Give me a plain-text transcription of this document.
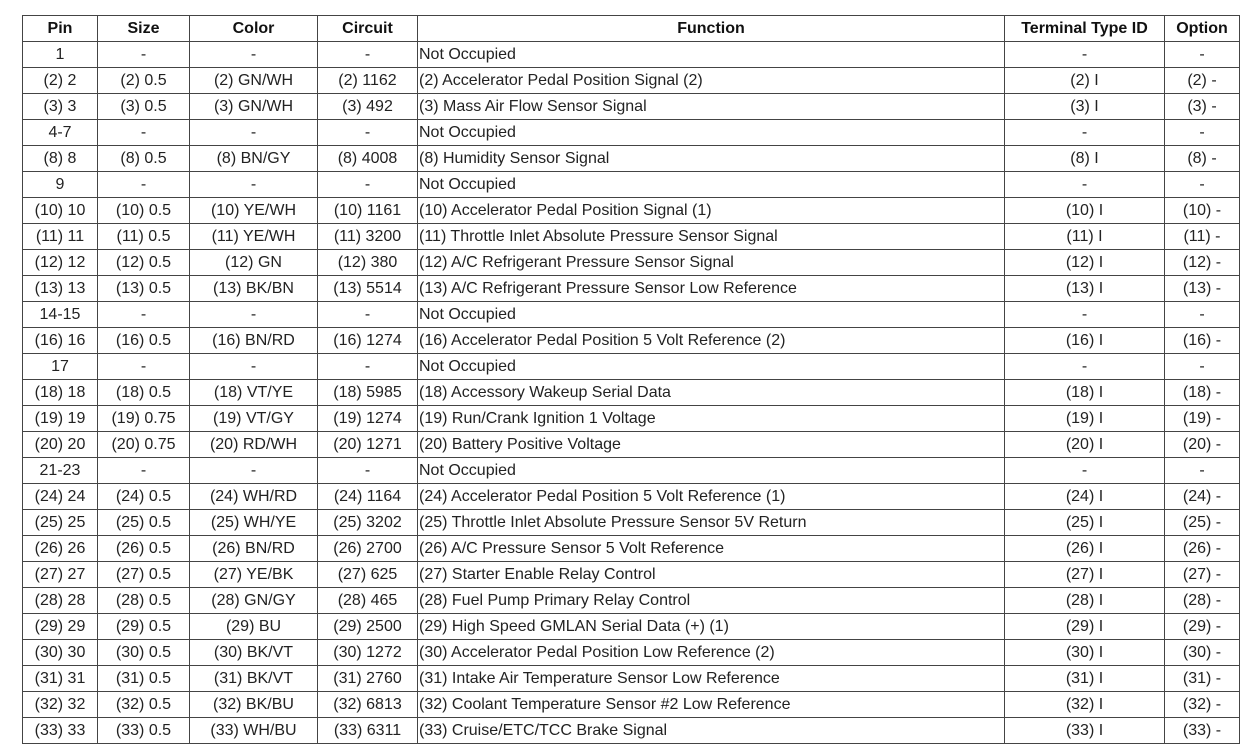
Pin	Size	Color	Circuit	Function	Terminal Type ID	Option
1	-	-	-	Not Occupied	-	-
(2) 2	(2) 0.5	(2) GN/WH	(2) 1162	(2) Accelerator Pedal Position Signal (2)	(2) I	(2) -
(3) 3	(3) 0.5	(3) GN/WH	(3) 492	(3) Mass Air Flow Sensor Signal	(3) I	(3) -
4-7	-	-	-	Not Occupied	-	-
(8) 8	(8) 0.5	(8) BN/GY	(8) 4008	(8) Humidity Sensor Signal	(8) I	(8) -
9	-	-	-	Not Occupied	-	-
(10) 10	(10) 0.5	(10) YE/WH	(10) 1161	(10) Accelerator Pedal Position Signal (1)	(10) I	(10) -
(11) 11	(11) 0.5	(11) YE/WH	(11) 3200	(11) Throttle Inlet Absolute Pressure Sensor Signal	(11) I	(11) -
(12) 12	(12) 0.5	(12) GN	(12) 380	(12) A/C Refrigerant Pressure Sensor Signal	(12) I	(12) -
(13) 13	(13) 0.5	(13) BK/BN	(13) 5514	(13) A/C Refrigerant Pressure Sensor Low Reference	(13) I	(13) -
14-15	-	-	-	Not Occupied	-	-
(16) 16	(16) 0.5	(16) BN/RD	(16) 1274	(16) Accelerator Pedal Position 5 Volt Reference (2)	(16) I	(16) -
17	-	-	-	Not Occupied	-	-
(18) 18	(18) 0.5	(18) VT/YE	(18) 5985	(18) Accessory Wakeup Serial Data	(18) I	(18) -
(19) 19	(19) 0.75	(19) VT/GY	(19) 1274	(19) Run/Crank Ignition 1 Voltage	(19) I	(19) -
(20) 20	(20) 0.75	(20) RD/WH	(20) 1271	(20) Battery Positive Voltage	(20) I	(20) -
21-23	-	-	-	Not Occupied	-	-
(24) 24	(24) 0.5	(24) WH/RD	(24) 1164	(24) Accelerator Pedal Position 5 Volt Reference (1)	(24) I	(24) -
(25) 25	(25) 0.5	(25) WH/YE	(25) 3202	(25) Throttle Inlet Absolute Pressure Sensor 5V Return	(25) I	(25) -
(26) 26	(26) 0.5	(26) BN/RD	(26) 2700	(26) A/C Pressure Sensor 5 Volt Reference	(26) I	(26) -
(27) 27	(27) 0.5	(27) YE/BK	(27) 625	(27) Starter Enable Relay Control	(27) I	(27) -
(28) 28	(28) 0.5	(28) GN/GY	(28) 465	(28) Fuel Pump Primary Relay Control	(28) I	(28) -
(29) 29	(29) 0.5	(29) BU	(29) 2500	(29) High Speed GMLAN Serial Data (+) (1)	(29) I	(29) -
(30) 30	(30) 0.5	(30) BK/VT	(30) 1272	(30) Accelerator Pedal Position Low Reference (2)	(30) I	(30) -
(31) 31	(31) 0.5	(31) BK/VT	(31) 2760	(31) Intake Air Temperature Sensor Low Reference	(31) I	(31) -
(32) 32	(32) 0.5	(32) BK/BU	(32) 6813	(32) Coolant Temperature Sensor #2 Low Reference	(32) I	(32) -
(33) 33	(33) 0.5	(33) WH/BU	(33) 6311	(33) Cruise/ETC/TCC Brake Signal	(33) I	(33) -
